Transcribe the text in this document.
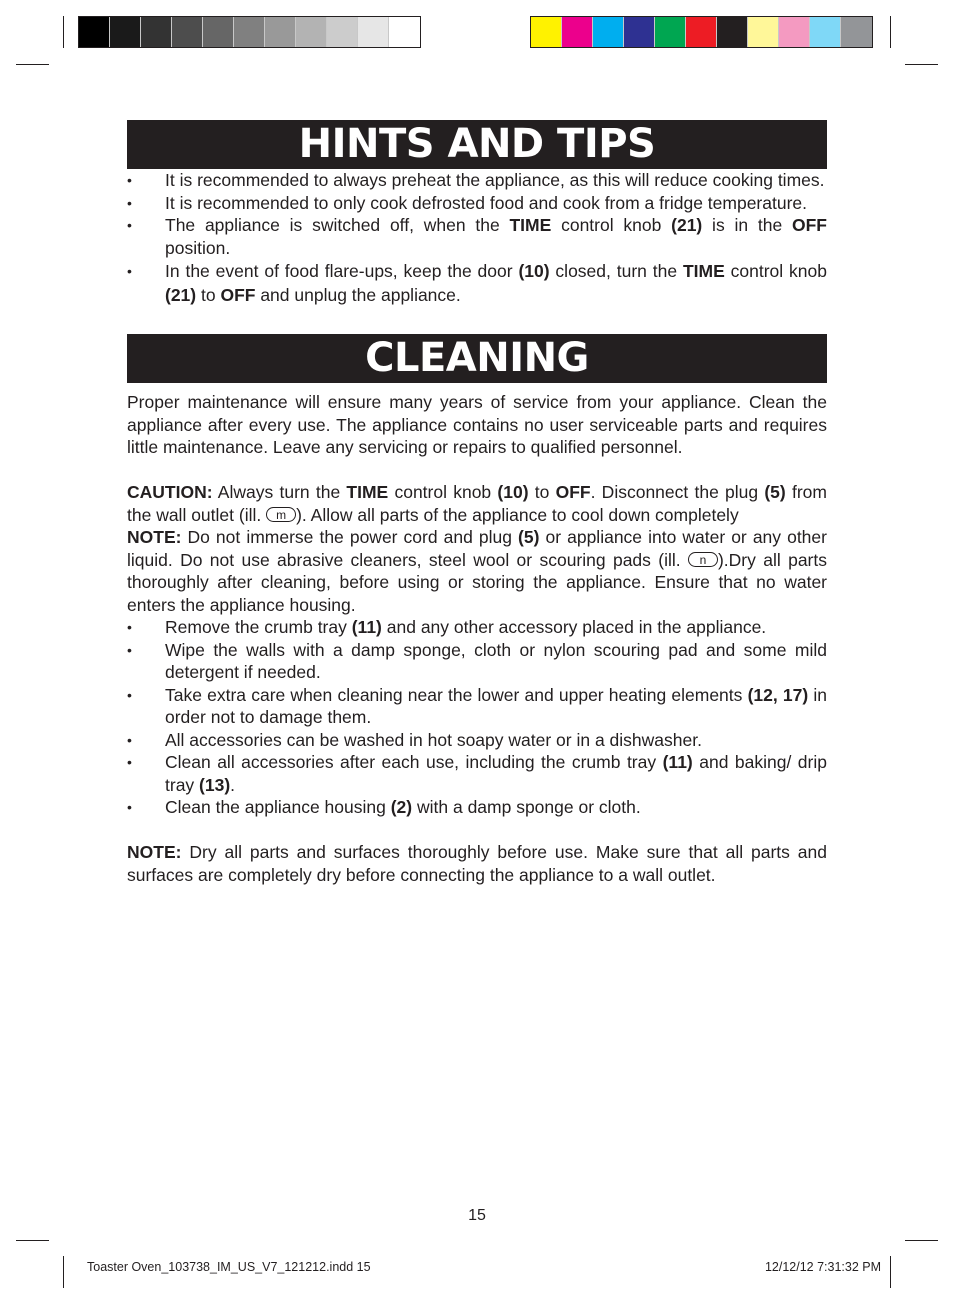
HINTS AND TIPS
• It is recommended to always preheat the appliance, as this will reduce cooking times.
• It is recommended to only cook defrosted food and cook from a fridge temperature.
• The appliance is switched off, when the TIME control knob (21) is in the OFF position.
• In the event of food flare-ups, keep the door (10) closed, turn the TIME control knob (21) to OFF and unplug the appliance.
CLEANING

Proper maintenance will ensure many years of service from your appliance. Clean the appliance after every use. The appliance contains no user serviceable parts and requires little maintenance. Leave any servicing or repairs to qualified personnel.

CAUTION: Always turn the TIME control knob (10) to OFF. Disconnect the plug (5) from the wall outlet (ill. m ). Allow all parts of the appliance to cool down completely

NOTE: Do not immerse the power cord and plug (5) or appliance into water or any other liquid. Do not use abrasive cleaners, steel wool or scouring pads (ill. n ).Dry all parts thoroughly after cleaning, before using or storing the appliance. Ensure that no water enters the appliance housing.

• Remove the crumb tray (11) and any other accessory placed in the appliance.
• Wipe the walls with a damp sponge, cloth or nylon scouring pad and some mild detergent if needed.
• Take extra care when cleaning near the lower and upper heating elements (12, 17) in order not to damage them.
• All accessories can be washed in hot soapy water or in a dishwasher.
• Clean all accessories after each use, including the crumb tray (11) and baking/ drip tray (13).
• Clean the appliance housing (2) with a damp sponge or cloth.

NOTE: Dry all parts and surfaces thoroughly before use. Make sure that all parts and surfaces are completely dry before connecting the appliance to a wall outlet.

15
Toaster Oven_103738_IM_US_V7_121212.indd 15	12/12/12 7:31:32 PM
